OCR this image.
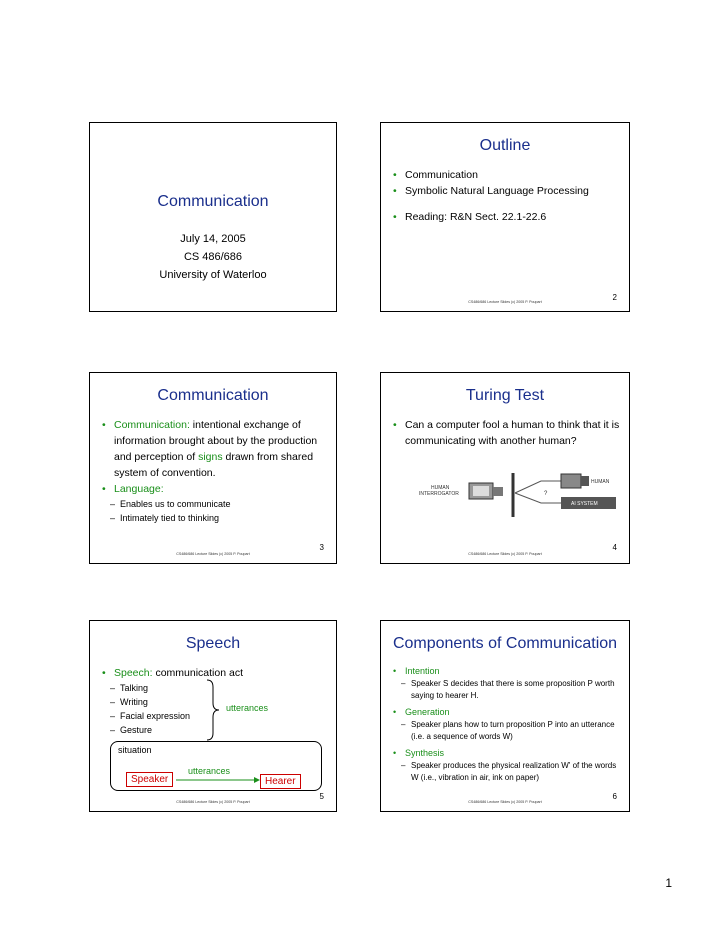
Communication
July 14, 2005
CS 486/686
University of Waterloo
Outline
• Communication
• Symbolic Natural Language Processing
• Reading: R&N Sect. 22.1-22.6
2
CS486/686 Lecture Slides (c) 2005 P. Poupart
Communication
• Communication: intentional exchange of information brought about by the production and perception of signs drawn from shared system of convention.
• Language:
– Enables us to communicate
– Intimately tied to thinking
3
CS486/686 Lecture Slides (c) 2005 P. Poupart
Turing Test
• Can a computer fool a human to think that it is communicating with another human?
HUMAN
INTERROGATOR
HUMAN
AI SYSTEM
?
4
CS486/686 Lecture Slides (c) 2005 P. Poupart
Speech
• Speech: communication act
– Talking
– Writing
– Facial expression
– Gesture
utterances
situation
utterances
Speaker	Hearer
5
CS486/686 Lecture Slides (c) 2005 P. Poupart
Components of Communication
• Intention
– Speaker S decides that there is some proposition P worth saying to hearer H.
• Generation
– Speaker plans how to turn proposition P into an utterance (i.e. a sequence of words W)
• Synthesis
– Speaker produces the physical realization W' of the words W (i.e., vibration in air, ink on paper)
6
CS486/686 Lecture Slides (c) 2005 P. Poupart
1
